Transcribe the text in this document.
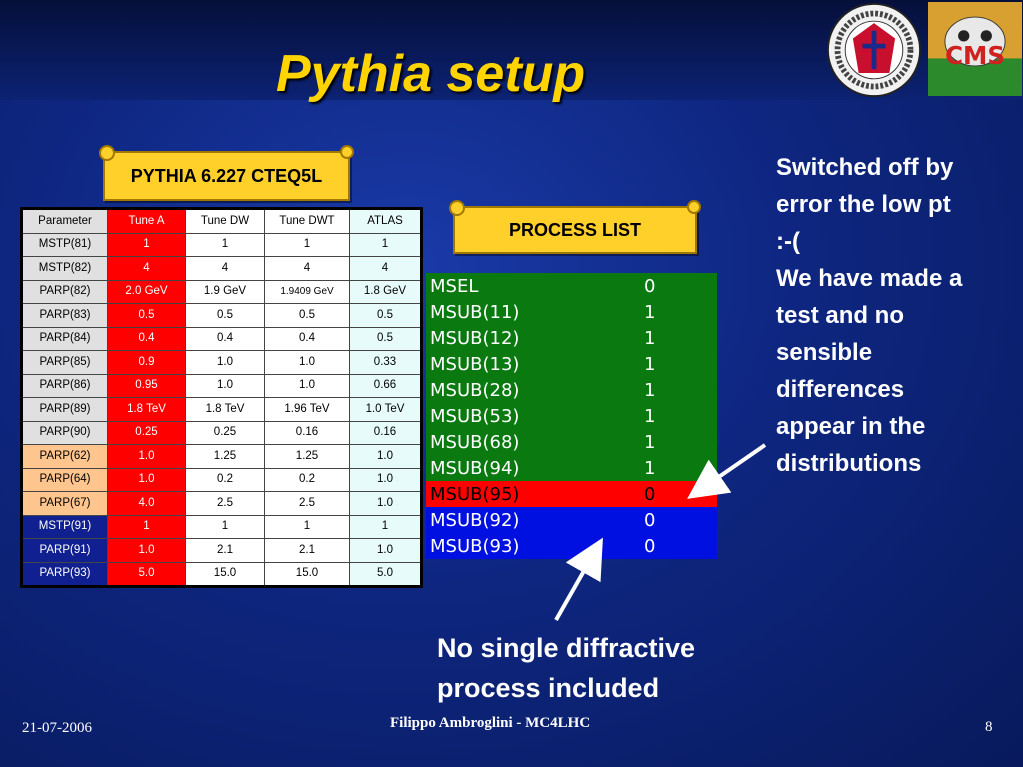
Pythia setup	CMS
PYTHIA 6.227 CTEQ5L
Parameter	Tune A	Tune DW	Tune DWT	ATLAS
MSTP(81)	1	1	1	1
MSTP(82)	4	4	4	4
PARP(82)	2.0 GeV	1.9 GeV	1.9409 GeV	1.8 GeV
PARP(83)	0.5	0.5	0.5	0.5
PARP(84)	0.4	0.4	0.4	0.5
PARP(85)	0.9	1.0	1.0	0.33
PARP(86)	0.95	1.0	1.0	0.66
PARP(89)	1.8 TeV	1.8 TeV	1.96 TeV	1.0 TeV
PARP(90)	0.25	0.25	0.16	0.16
PARP(62)	1.0	1.25	1.25	1.0
PARP(64)	1.0	0.2	0.2	1.0
PARP(67)	4.0	2.5	2.5	1.0
MSTP(91)	1	1	1	1
PARP(91)	1.0	2.1	2.1	1.0
PARP(93)	5.0	15.0	15.0	5.0
PROCESS LIST
MSEL	0
MSUB(11)	1
MSUB(12)	1
MSUB(13)	1
MSUB(28)	1
MSUB(53)	1
MSUB(68)	1
MSUB(94)	1
MSUB(95)	0
MSUB(92)	0
MSUB(93)	0
Switched off by
error the low pt
:-(
We have made a
test and no
sensible
differences
appear in the
distributions
No single diffractive
process included
21-07-2006	Filippo Ambroglini - MC4LHC	8
